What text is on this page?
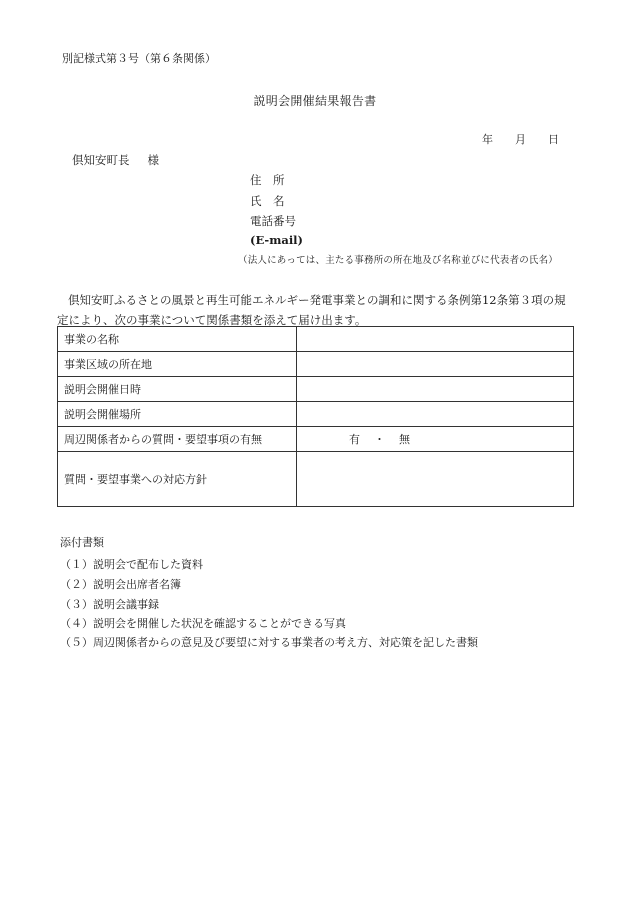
別記様式第３号（第６条関係）
説明会開催結果報告書
年 月 日
倶知安町長 様
住　所
氏　名
電話番号
(E-mail)
（法人にあっては、主たる事務所の所在地及び名称並びに代表者の氏名）
倶知安町ふるさとの風景と再生可能エネルギー発電事業との調和に関する条例第12条第３項の規定により、次の事業について関係書類を添えて届け出ます。
事業の名称	
事業区域の所在地	
説明会開催日時	
説明会開催場所	
周辺関係者からの質問・要望事項の有無	有 ・ 無
質問・要望事業への対応方針	
添付書類
（１）説明会で配布した資料
（２）説明会出席者名簿
（３）説明会議事録
（４）説明会を開催した状況を確認することができる写真
（５）周辺関係者からの意見及び要望に対する事業者の考え方、対応策を記した書類
